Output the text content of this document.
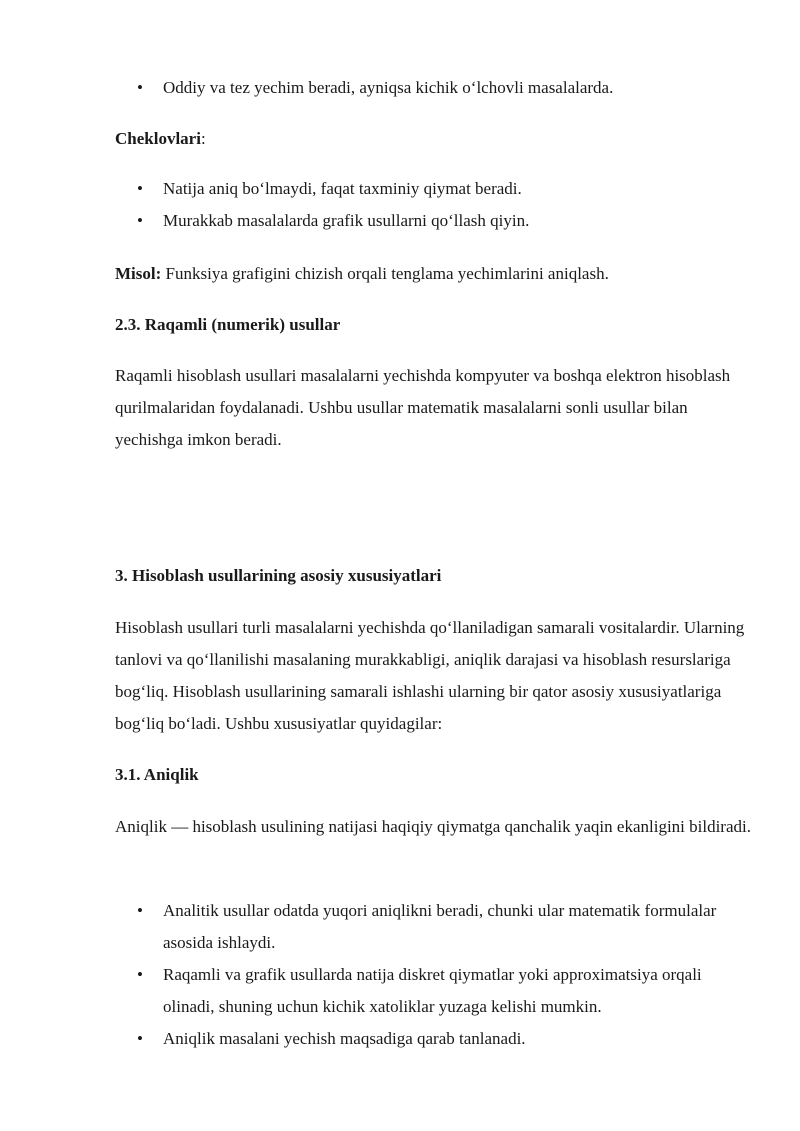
• Oddiy va tez yechim beradi, ayniqsa kichik o‘lchovli masalalarda.

Cheklovlari:

• Natija aniq bo‘lmaydi, faqat taxminiy qiymat beradi.
• Murakkab masalalarda grafik usullarni qo‘llash qiyin.

Misol: Funksiya grafigini chizish orqali tenglama yechimlarini aniqlash.

2.3. Raqamli (numerik) usullar

Raqamli hisoblash usullari masalalarni yechishda kompyuter va boshqa elektron hisoblash qurilmalaridan foydalanadi. Ushbu usullar matematik masalalarni sonli usullar bilan yechishga imkon beradi.

3. Hisoblash usullarining asosiy xususiyatlari

Hisoblash usullari turli masalalarni yechishda qo‘llaniladigan samarali vositalardir. Ularning tanlovi va qo‘llanilishi masalaning murakkabligi, aniqlik darajasi va hisoblash resurslariga bog‘liq. Hisoblash usullarining samarali ishlashi ularning bir qator asosiy xususiyatlariga bog‘liq bo‘ladi. Ushbu xususiyatlar quyidagilar:

3.1. Aniqlik

Aniqlik — hisoblash usulining natijasi haqiqiy qiymatga qanchalik yaqin ekanligini bildiradi.

• Analitik usullar odatda yuqori aniqlikni beradi, chunki ular matematik formulalar asosida ishlaydi.
• Raqamli va grafik usullarda natija diskret qiymatlar yoki approximatsiya orqali olinadi, shuning uchun kichik xatoliklar yuzaga kelishi mumkin.
• Aniqlik masalani yechish maqsadiga qarab tanlanadi.
